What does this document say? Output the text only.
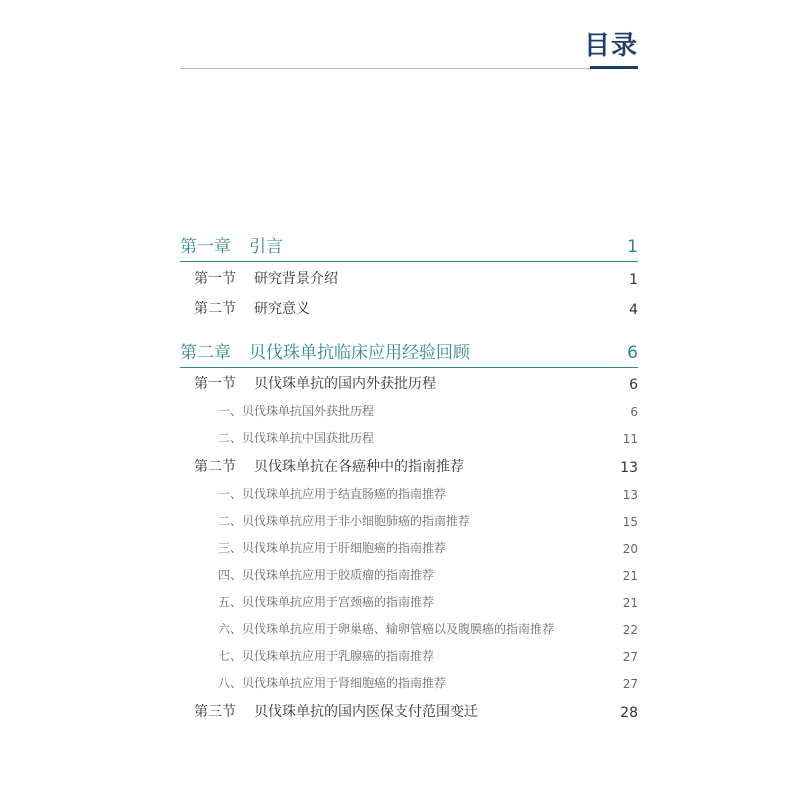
目录
第一章 引言	1
第一节 研究背景介绍	1
第二节 研究意义	4
第二章 贝伐珠单抗临床应用经验回顾	6
第一节 贝伐珠单抗的国内外获批历程	6
一、贝伐珠单抗国外获批历程	6
二、贝伐珠单抗中国获批历程	11
第二节 贝伐珠单抗在各癌种中的指南推荐	13
一、贝伐珠单抗应用于结直肠癌的指南推荐	13
二、贝伐珠单抗应用于非小细胞肺癌的指南推荐	15
三、贝伐珠单抗应用于肝细胞癌的指南推荐	20
四、贝伐珠单抗应用于胶质瘤的指南推荐	21
五、贝伐珠单抗应用于宫颈癌的指南推荐	21
六、贝伐珠单抗应用于卵巢癌、输卵管癌以及腹膜癌的指南推荐	22
七、贝伐珠单抗应用于乳腺癌的指南推荐	27
八、贝伐珠单抗应用于肾细胞癌的指南推荐	27
第三节 贝伐珠单抗的国内医保支付范围变迁	28
